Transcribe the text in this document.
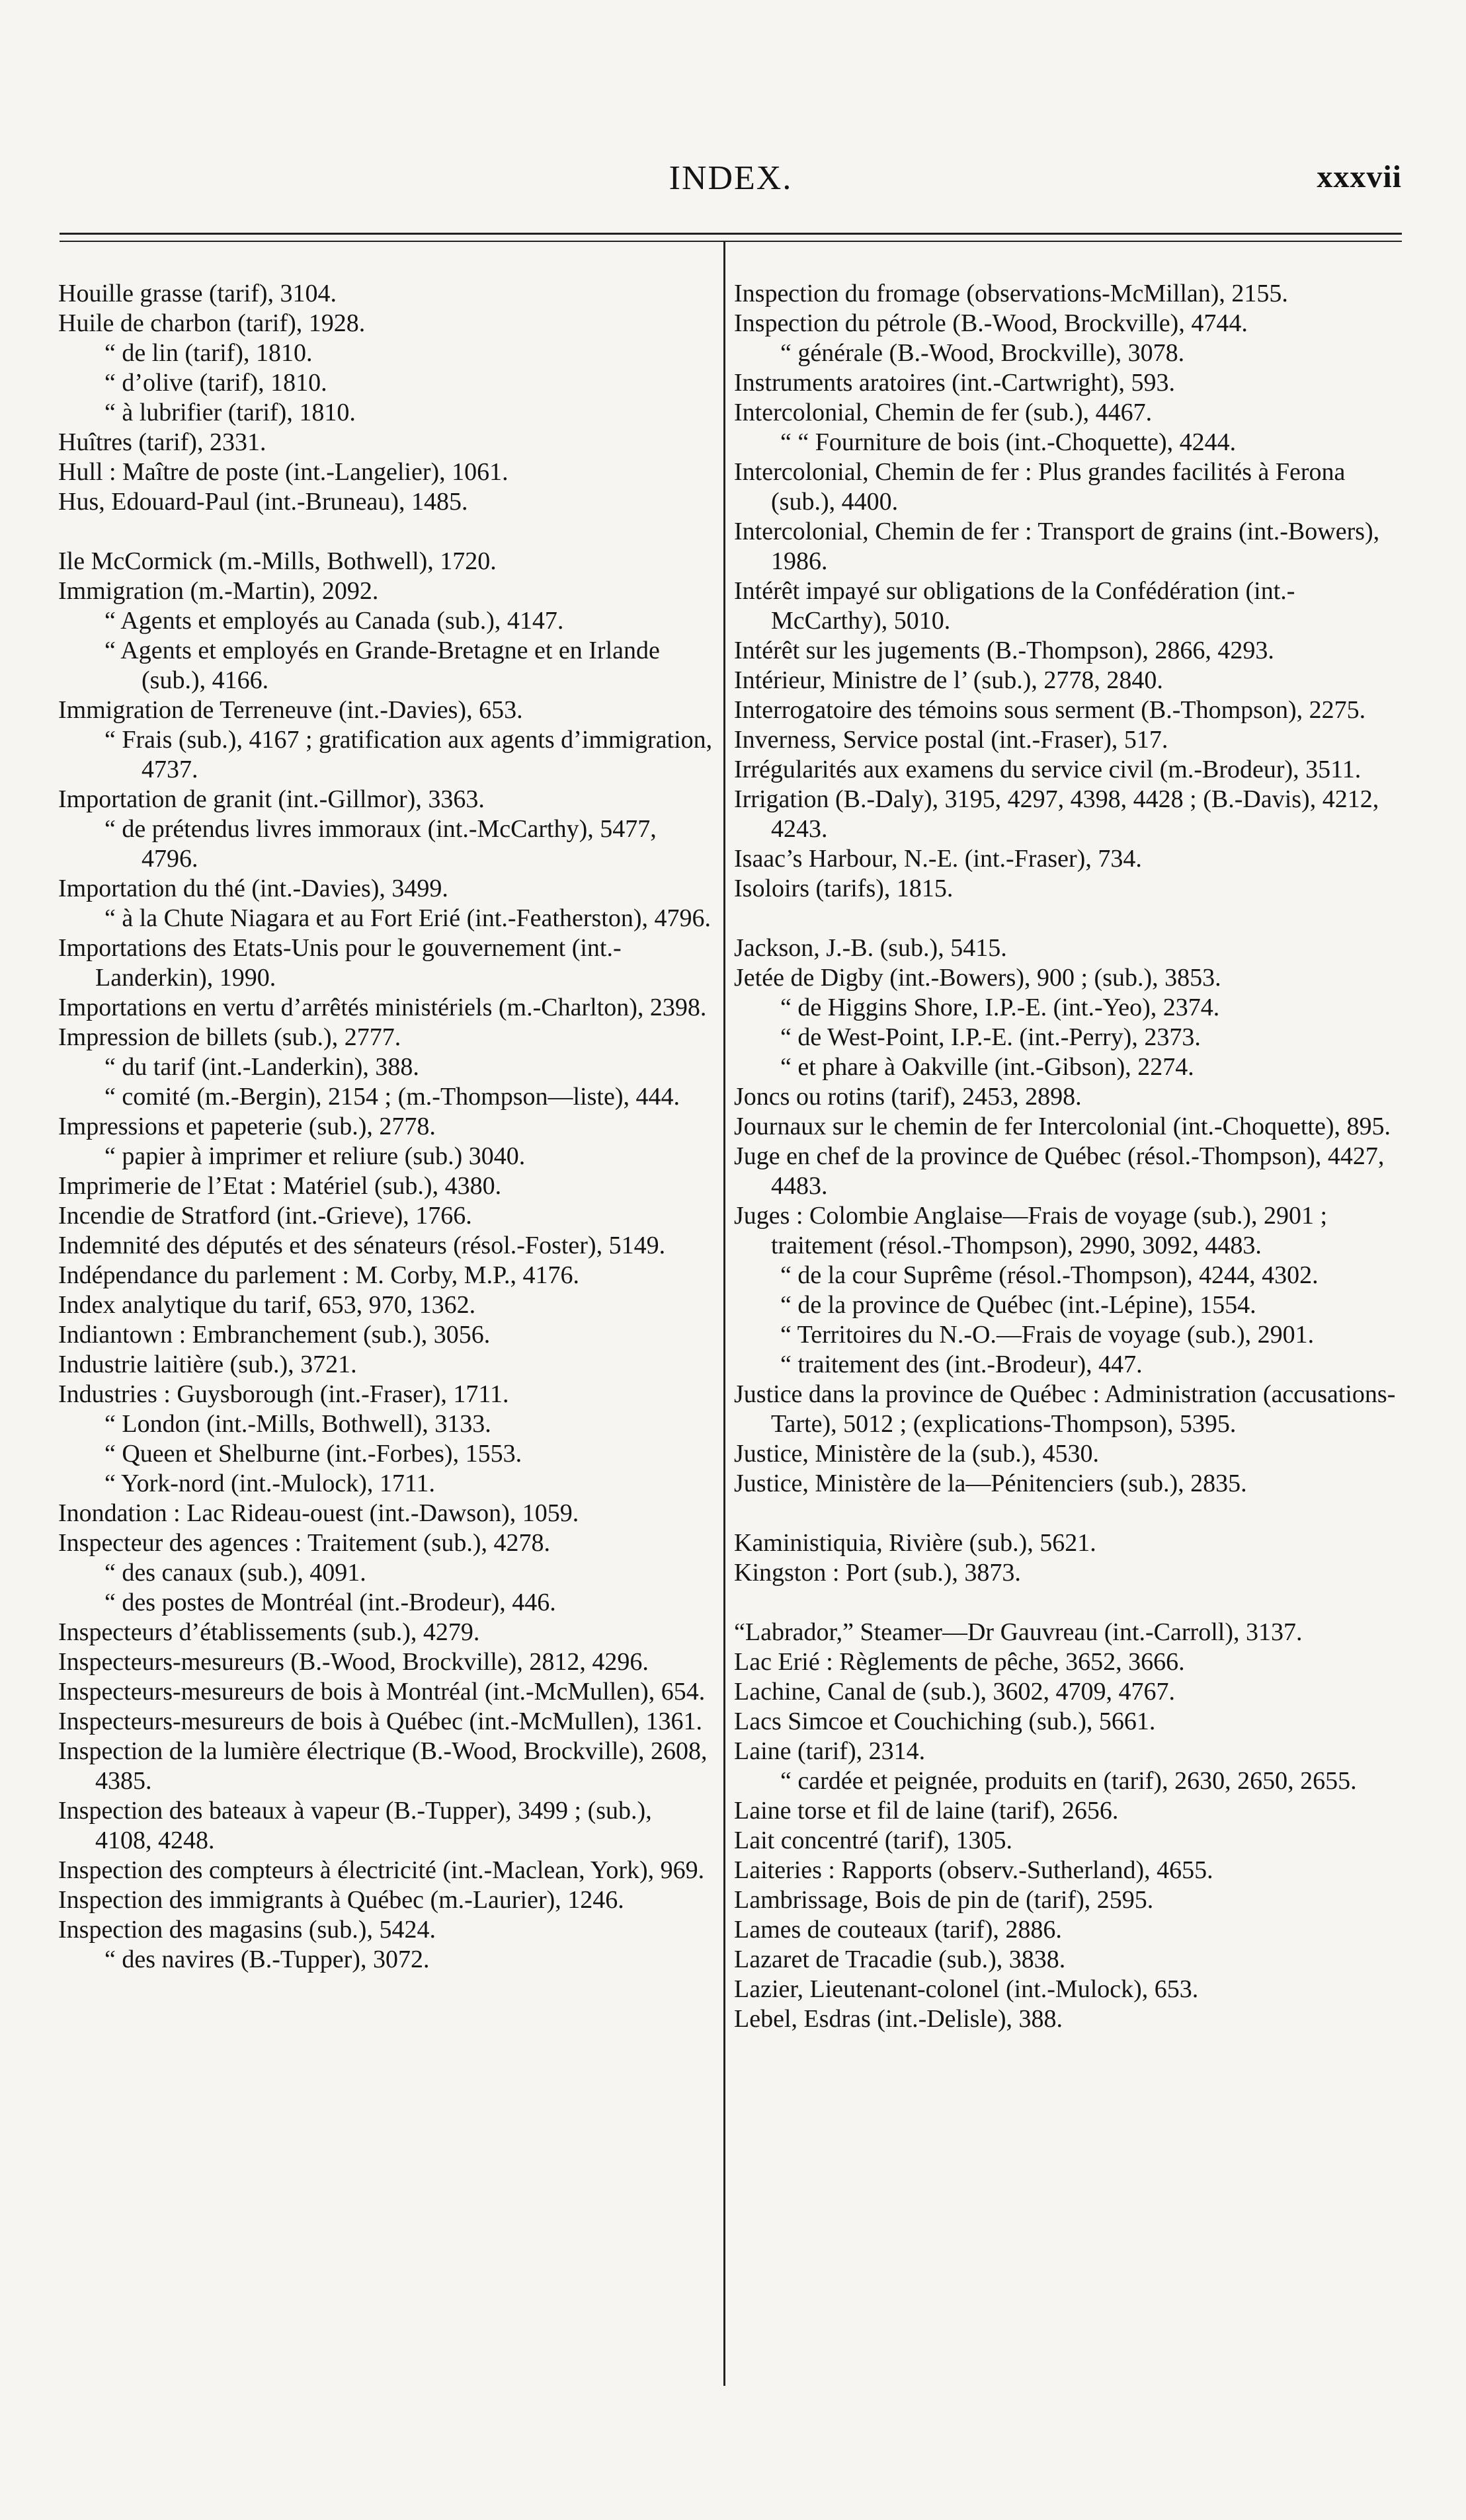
INDEX.	xxxvii
Houille grasse (tarif), 3104.
Huile de charbon (tarif), 1928.
“ de lin (tarif), 1810.
“ d’olive (tarif), 1810.
“ à lubrifier (tarif), 1810.
Huîtres (tarif), 2331.
Hull : Maître de poste (int.-Langelier), 1061.
Hus, Edouard-Paul (int.-Bruneau), 1485.
Ile McCormick (m.-Mills, Bothwell), 1720.
Immigration (m.-Martin), 2092.
“ Agents et employés au Canada (sub.), 4147.
“ Agents et employés en Grande-Bretagne et en Irlande (sub.), 4166.
Immigration de Terreneuve (int.-Davies), 653.
“ Frais (sub.), 4167 ; gratification aux agents d’immigration, 4737.
Importation de granit (int.-Gillmor), 3363.
“ de prétendus livres immoraux (int.-McCarthy), 5477, 4796.
Importation du thé (int.-Davies), 3499.
“ à la Chute Niagara et au Fort Erié (int.-Featherston), 4796.
Importations des Etats-Unis pour le gouvernement (int.-Landerkin), 1990.
Importations en vertu d’arrêtés ministériels (m.-Charlton), 2398.
Impression de billets (sub.), 2777.
“ du tarif (int.-Landerkin), 388.
“ comité (m.-Bergin), 2154 ; (m.-Thompson—liste), 444.
Impressions et papeterie (sub.), 2778.
“ papier à imprimer et reliure (sub.) 3040.
Imprimerie de l’Etat : Matériel (sub.), 4380.
Incendie de Stratford (int.-Grieve), 1766.
Indemnité des députés et des sénateurs (résol.-Foster), 5149.
Indépendance du parlement : M. Corby, M.P., 4176.
Index analytique du tarif, 653, 970, 1362.
Indiantown : Embranchement (sub.), 3056.
Industrie laitière (sub.), 3721.
Industries : Guysborough (int.-Fraser), 1711.
“ London (int.-Mills, Bothwell), 3133.
“ Queen et Shelburne (int.-Forbes), 1553.
“ York-nord (int.-Mulock), 1711.
Inondation : Lac Rideau-ouest (int.-Dawson), 1059.
Inspecteur des agences : Traitement (sub.), 4278.
“ des canaux (sub.), 4091.
“ des postes de Montréal (int.-Brodeur), 446.
Inspecteurs d’établissements (sub.), 4279.
Inspecteurs-mesureurs (B.-Wood, Brockville), 2812, 4296.
Inspecteurs-mesureurs de bois à Montréal (int.-McMullen), 654.
Inspecteurs-mesureurs de bois à Québec (int.-McMullen), 1361.
Inspection de la lumière électrique (B.-Wood, Brockville), 2608, 4385.
Inspection des bateaux à vapeur (B.-Tupper), 3499 ; (sub.), 4108, 4248.
Inspection des compteurs à électricité (int.-Maclean, York), 969.
Inspection des immigrants à Québec (m.-Laurier), 1246.
Inspection des magasins (sub.), 5424.
“ des navires (B.-Tupper), 3072.
Inspection du fromage (observations-McMillan), 2155.
Inspection du pétrole (B.-Wood, Brockville), 4744.
“ générale (B.-Wood, Brockville), 3078.
Instruments aratoires (int.-Cartwright), 593.
Intercolonial, Chemin de fer (sub.), 4467.
“ “ Fourniture de bois (int.-Choquette), 4244.
Intercolonial, Chemin de fer : Plus grandes facilités à Ferona (sub.), 4400.
Intercolonial, Chemin de fer : Transport de grains (int.-Bowers), 1986.
Intérêt impayé sur obligations de la Confédération (int.-McCarthy), 5010.
Intérêt sur les jugements (B.-Thompson), 2866, 4293.
Intérieur, Ministre de l’ (sub.), 2778, 2840.
Interrogatoire des témoins sous serment (B.-Thompson), 2275.
Inverness, Service postal (int.-Fraser), 517.
Irrégularités aux examens du service civil (m.-Brodeur), 3511.
Irrigation (B.-Daly), 3195, 4297, 4398, 4428 ; (B.-Davis), 4212, 4243.
Isaac’s Harbour, N.-E. (int.-Fraser), 734.
Isoloirs (tarifs), 1815.
Jackson, J.-B. (sub.), 5415.
Jetée de Digby (int.-Bowers), 900 ; (sub.), 3853.
“ de Higgins Shore, I.P.-E. (int.-Yeo), 2374.
“ de West-Point, I.P.-E. (int.-Perry), 2373.
“ et phare à Oakville (int.-Gibson), 2274.
Joncs ou rotins (tarif), 2453, 2898.
Journaux sur le chemin de fer Intercolonial (int.-Choquette), 895.
Juge en chef de la province de Québec (résol.-Thompson), 4427, 4483.
Juges : Colombie Anglaise—Frais de voyage (sub.), 2901 ; traitement (résol.-Thompson), 2990, 3092, 4483.
“ de la cour Suprême (résol.-Thompson), 4244, 4302.
“ de la province de Québec (int.-Lépine), 1554.
“ Territoires du N.-O.—Frais de voyage (sub.), 2901.
“ traitement des (int.-Brodeur), 447.
Justice dans la province de Québec : Administration (accusations-Tarte), 5012 ; (explications-Thompson), 5395.
Justice, Ministère de la (sub.), 4530.
Justice, Ministère de la—Pénitenciers (sub.), 2835.
Kaministiquia, Rivière (sub.), 5621.
Kingston : Port (sub.), 3873.
“Labrador,” Steamer—Dr Gauvreau (int.-Carroll), 3137.
Lac Erié : Règlements de pêche, 3652, 3666.
Lachine, Canal de (sub.), 3602, 4709, 4767.
Lacs Simcoe et Couchiching (sub.), 5661.
Laine (tarif), 2314.
“ cardée et peignée, produits en (tarif), 2630, 2650, 2655.
Laine torse et fil de laine (tarif), 2656.
Lait concentré (tarif), 1305.
Laiteries : Rapports (observ.-Sutherland), 4655.
Lambrissage, Bois de pin de (tarif), 2595.
Lames de couteaux (tarif), 2886.
Lazaret de Tracadie (sub.), 3838.
Lazier, Lieutenant-colonel (int.-Mulock), 653.
Lebel, Esdras (int.-Delisle), 388.
